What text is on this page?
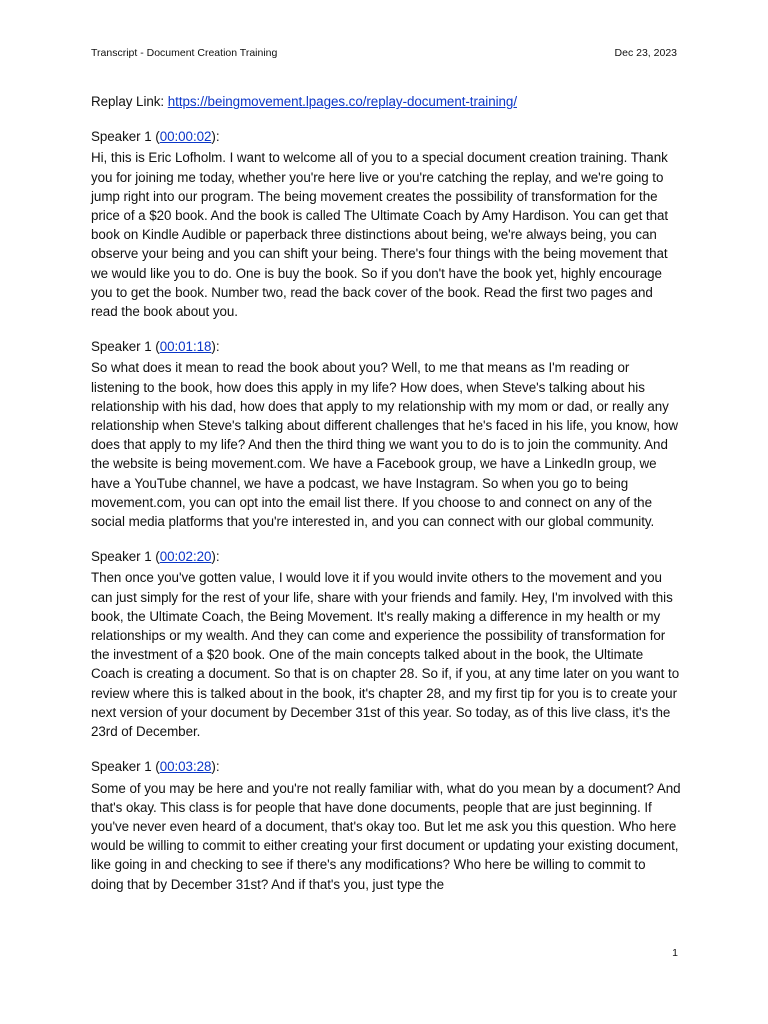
Transcript - Document Creation Training	Dec 23, 2023
Replay Link: https://beingmovement.lpages.co/replay-document-training/
Speaker 1 (00:00:02):

Hi, this is Eric Lofholm. I want to welcome all of you to a special document creation training. Thank you for joining me today, whether you're here live or you're catching the replay, and we're going to jump right into our program. The being movement creates the possibility of transformation for the price of a $20 book. And the book is called The Ultimate Coach by Amy Hardison. You can get that book on Kindle Audible or paperback three distinctions about being, we're always being, you can observe your being and you can shift your being. There's four things with the being movement that we would like you to do. One is buy the book. So if you don't have the book yet, highly encourage you to get the book. Number two, read the back cover of the book. Read the first two pages and read the book about you.

Speaker 1 (00:01:18):

So what does it mean to read the book about you? Well, to me that means as I'm reading or listening to the book, how does this apply in my life? How does, when Steve's talking about his relationship with his dad, how does that apply to my relationship with my mom or dad, or really any relationship when Steve's talking about different challenges that he's faced in his life, you know, how does that apply to my life? And then the third thing we want you to do is to join the community. And the website is being movement.com. We have a Facebook group, we have a LinkedIn group, we have a YouTube channel, we have a podcast, we have Instagram. So when you go to being movement.com, you can opt into the email list there. If you choose to and connect on any of the social media platforms that you're interested in, and you can connect with our global community.

Speaker 1 (00:02:20):

Then once you've gotten value, I would love it if you would invite others to the movement and you can just simply for the rest of your life, share with your friends and family. Hey, I'm involved with this book, the Ultimate Coach, the Being Movement. It's really making a difference in my health or my relationships or my wealth. And they can come and experience the possibility of transformation for the investment of a $20 book. One of the main concepts talked about in the book, the Ultimate Coach is creating a document. So that is on chapter 28. So if, if you, at any time later on you want to review where this is talked about in the book, it's chapter 28, and my first tip for you is to create your next version of your document by December 31st of this year. So today, as of this live class, it's the 23rd of December.

Speaker 1 (00:03:28):

Some of you may be here and you're not really familiar with, what do you mean by a document? And that's okay. This class is for people that have done documents, people that are just beginning. If you've never even heard of a document, that's okay too. But let me ask you this question. Who here would be willing to commit to either creating your first document or updating your existing document, like going in and checking to see if there's any modifications? Who here be willing to commit to doing that by December 31st? And if that's you, just type the

1
